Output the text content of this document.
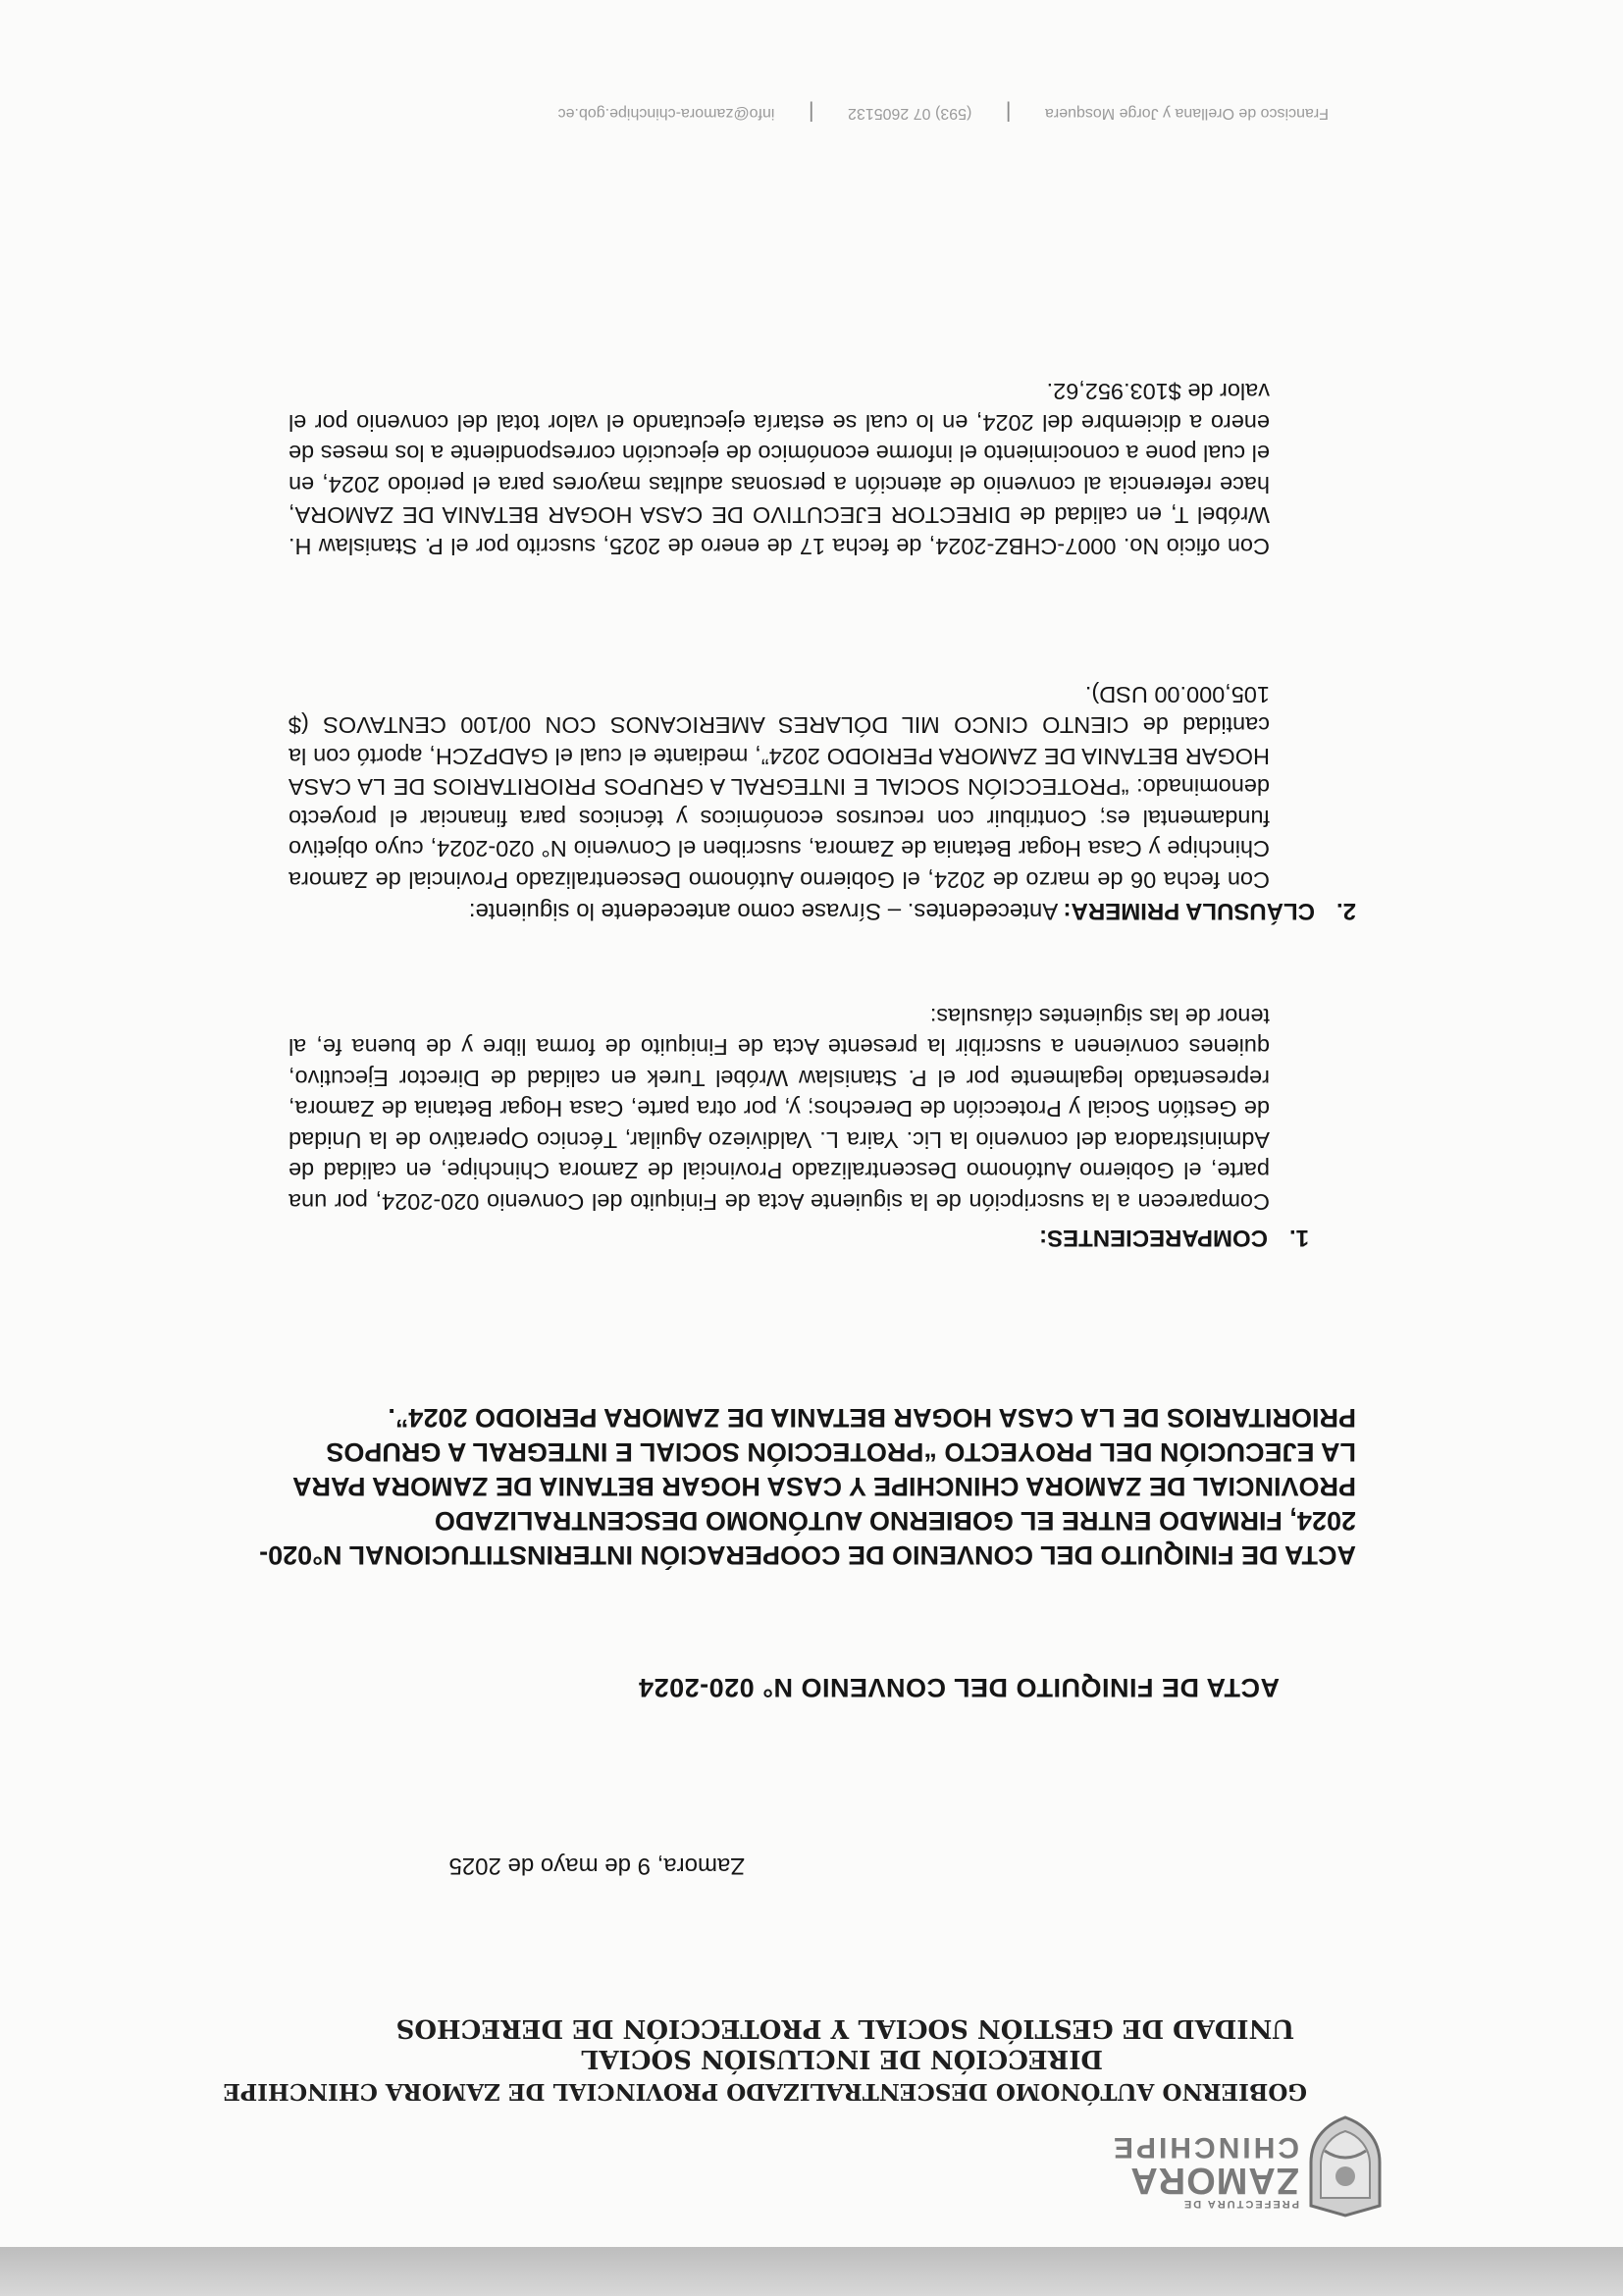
PREFECTURA DE
ZAMORA
CHINCHIPE
GOBIERNO AUTÓNOMO DESCENTRALIZADO PROVINCIAL DE ZAMORA CHINCHIPE
DIRECCIÓN DE INCLUSIÓN SOCIAL
UNIDAD DE GESTIÓN SOCIAL Y PROTECCIÓN DE DERECHOS
Zamora, 9 de mayo de 2025
ACTA DE FINIQUITO DEL CONVENIO N° 020-2024
ACTA DE FINIQUITO DEL CONVENIO DE COOPERACIÓN INTERINSTITUCIONAL N°020-
2024, FIRMADO ENTRE EL GOBIERNO AUTÓNOMO DESCENTRALIZADO
PROVINCIAL DE ZAMORA CHINCHIPE Y CASA HOGAR BETANIA DE ZAMORA PARA
LA EJECUCIÓN DEL PROYECTO “PROTECCIÓN SOCIAL E INTEGRAL A GRUPOS
PRIORITARIOS DE LA CASA HOGAR BETANIA DE ZAMORA PERIODO 2024”.
1.COMPARECIENTES:
Comparecen a la suscripción de la siguiente Acta de Finiquito del Convenio 020-2024, por una parte, el Gobierno Autónomo Descentralizado Provincial de Zamora Chinchipe, en calidad de Administradora del convenio la Lic. Yaira L. Valdiviezo Aguilar, Técnico Operativo de la Unidad de Gestión Social y Protección de Derechos; y, por otra parte, Casa Hogar Betania de Zamora, representado legalmente por el P. Stanislaw Wróbel Turek en calidad de Director Ejecutivo, quienes convienen a suscribir la presente Acta de Finiquito de forma libre y de buena fe, al tenor de las siguientes cláusulas:
2.CLÁUSULA PRIMERA: Antecedentes. – Sírvase como antecedente lo siguiente:
Con fecha 06 de marzo de 2024, el Gobierno Autónomo Descentralizado Provincial de Zamora Chinchipe y Casa Hogar Betania de Zamora, suscriben el Convenio N° 020-2024, cuyo objetivo fundamental es; Contribuir con recursos económicos y técnicos para financiar el proyecto denominado: “PROTECCIÓN SOCIAL E INTEGRAL A GRUPOS PRIORITARIOS DE LA CASA HOGAR BETANIA DE ZAMORA PERIODO 2024”, mediante el cual el GADPZCH, aportó con la cantidad de CIENTO CINCO MIL DÓLARES AMERICANOS CON 00/100 CENTAVOS ($ 105,000.00 USD).
Con oficio No. 0007-CHBZ-2024, de fecha 17 de enero de 2025, suscrito por el P. Stanislaw H. Wróbel T, en calidad de DIRECTOR EJECUTIVO DE CASA HOGAR BETANIA DE ZAMORA, hace referencia al convenio de atención a personas adultas mayores para el periodo 2024, en el cual pone a conocimiento el informe económico de ejecución correspondiente a los meses de enero a diciembre del 2024, en lo cual se estaría ejecutando el valor total del convenio por el valor de $103.952,62.
Francisco de Orellana y Jorge Mosquera | (593) 07 2605132 | info@zamora-chinchipe.gob.ec
